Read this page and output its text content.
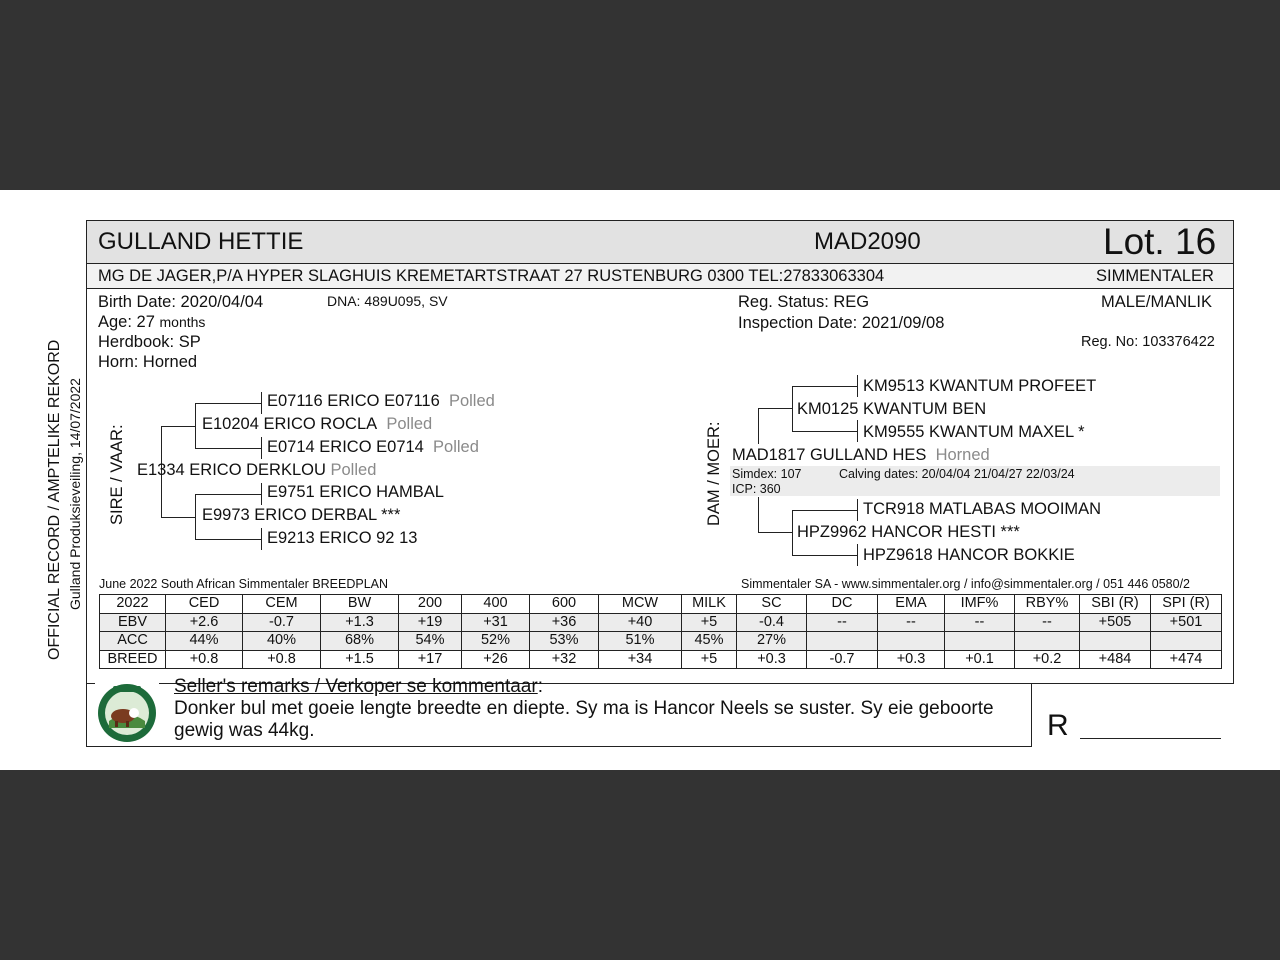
OFFICIAL RECORD / AMPTELIKE REKORD Gulland Produksieveiling, 14/07/2022
GULLAND HETTIE	MAD2090	Lot. 16
MG DE JAGER,P/A HYPER SLAGHUIS KREMETARTSTRAAT 27 RUSTENBURG 0300 TEL:27833063304	SIMMENTALER
Birth Date: 2020/04/04	DNA: 489U095, SV
Age: 27 months
Herdbook: SP
Horn: Horned
Reg. Status: REG
Inspection Date: 2021/09/08
MALE/MANLIK
Reg. No: 103376422
SIRE / VAAR:
E07116 ERICO E07116 Polled
E10204 ERICO ROCLA Polled
E0714 ERICO E0714 Polled
E1334 ERICO DERKLOU Polled
E9751 ERICO HAMBAL
E9973 ERICO DERBAL ***
E9213 ERICO 92 13
DAM / MOER:
KM9513 KWANTUM PROFEET
KM0125 KWANTUM BEN
KM9555 KWANTUM MAXEL *
MAD1817 GULLAND HES Horned
Simdex: 107	Calving dates: 20/04/04 21/04/27 22/03/24
ICP: 360
TCR918 MATLABAS MOOIMAN
HPZ9962 HANCOR HESTI ***
HPZ9618 HANCOR BOKKIE
June 2022 South African Simmentaler BREEDPLAN	Simmentaler SA - www.simmentaler.org / info@simmentaler.org / 051 446 0580/2
2022	CED	CEM	BW	200	400	600	MCW	MILK	SC	DC	EMA	IMF%	RBY%	SBI (R)	SPI (R)
EBV	+2.6	-0.7	+1.3	+19	+31	+36	+40	+5	-0.4	--	--	--	--	+505	+501
ACC	44%	40%	68%	54%	52%	53%	51%	45%	27%						
BREED	+0.8	+0.8	+1.5	+17	+26	+32	+34	+5	+0.3	-0.7	+0.3	+0.1	+0.2	+484	+474
Seller's remarks / Verkoper se kommentaar:
Donker bul met goeie lengte breedte en diepte. Sy ma is Hancor Neels se suster. Sy eie geboorte
gewig was 44kg.	R
